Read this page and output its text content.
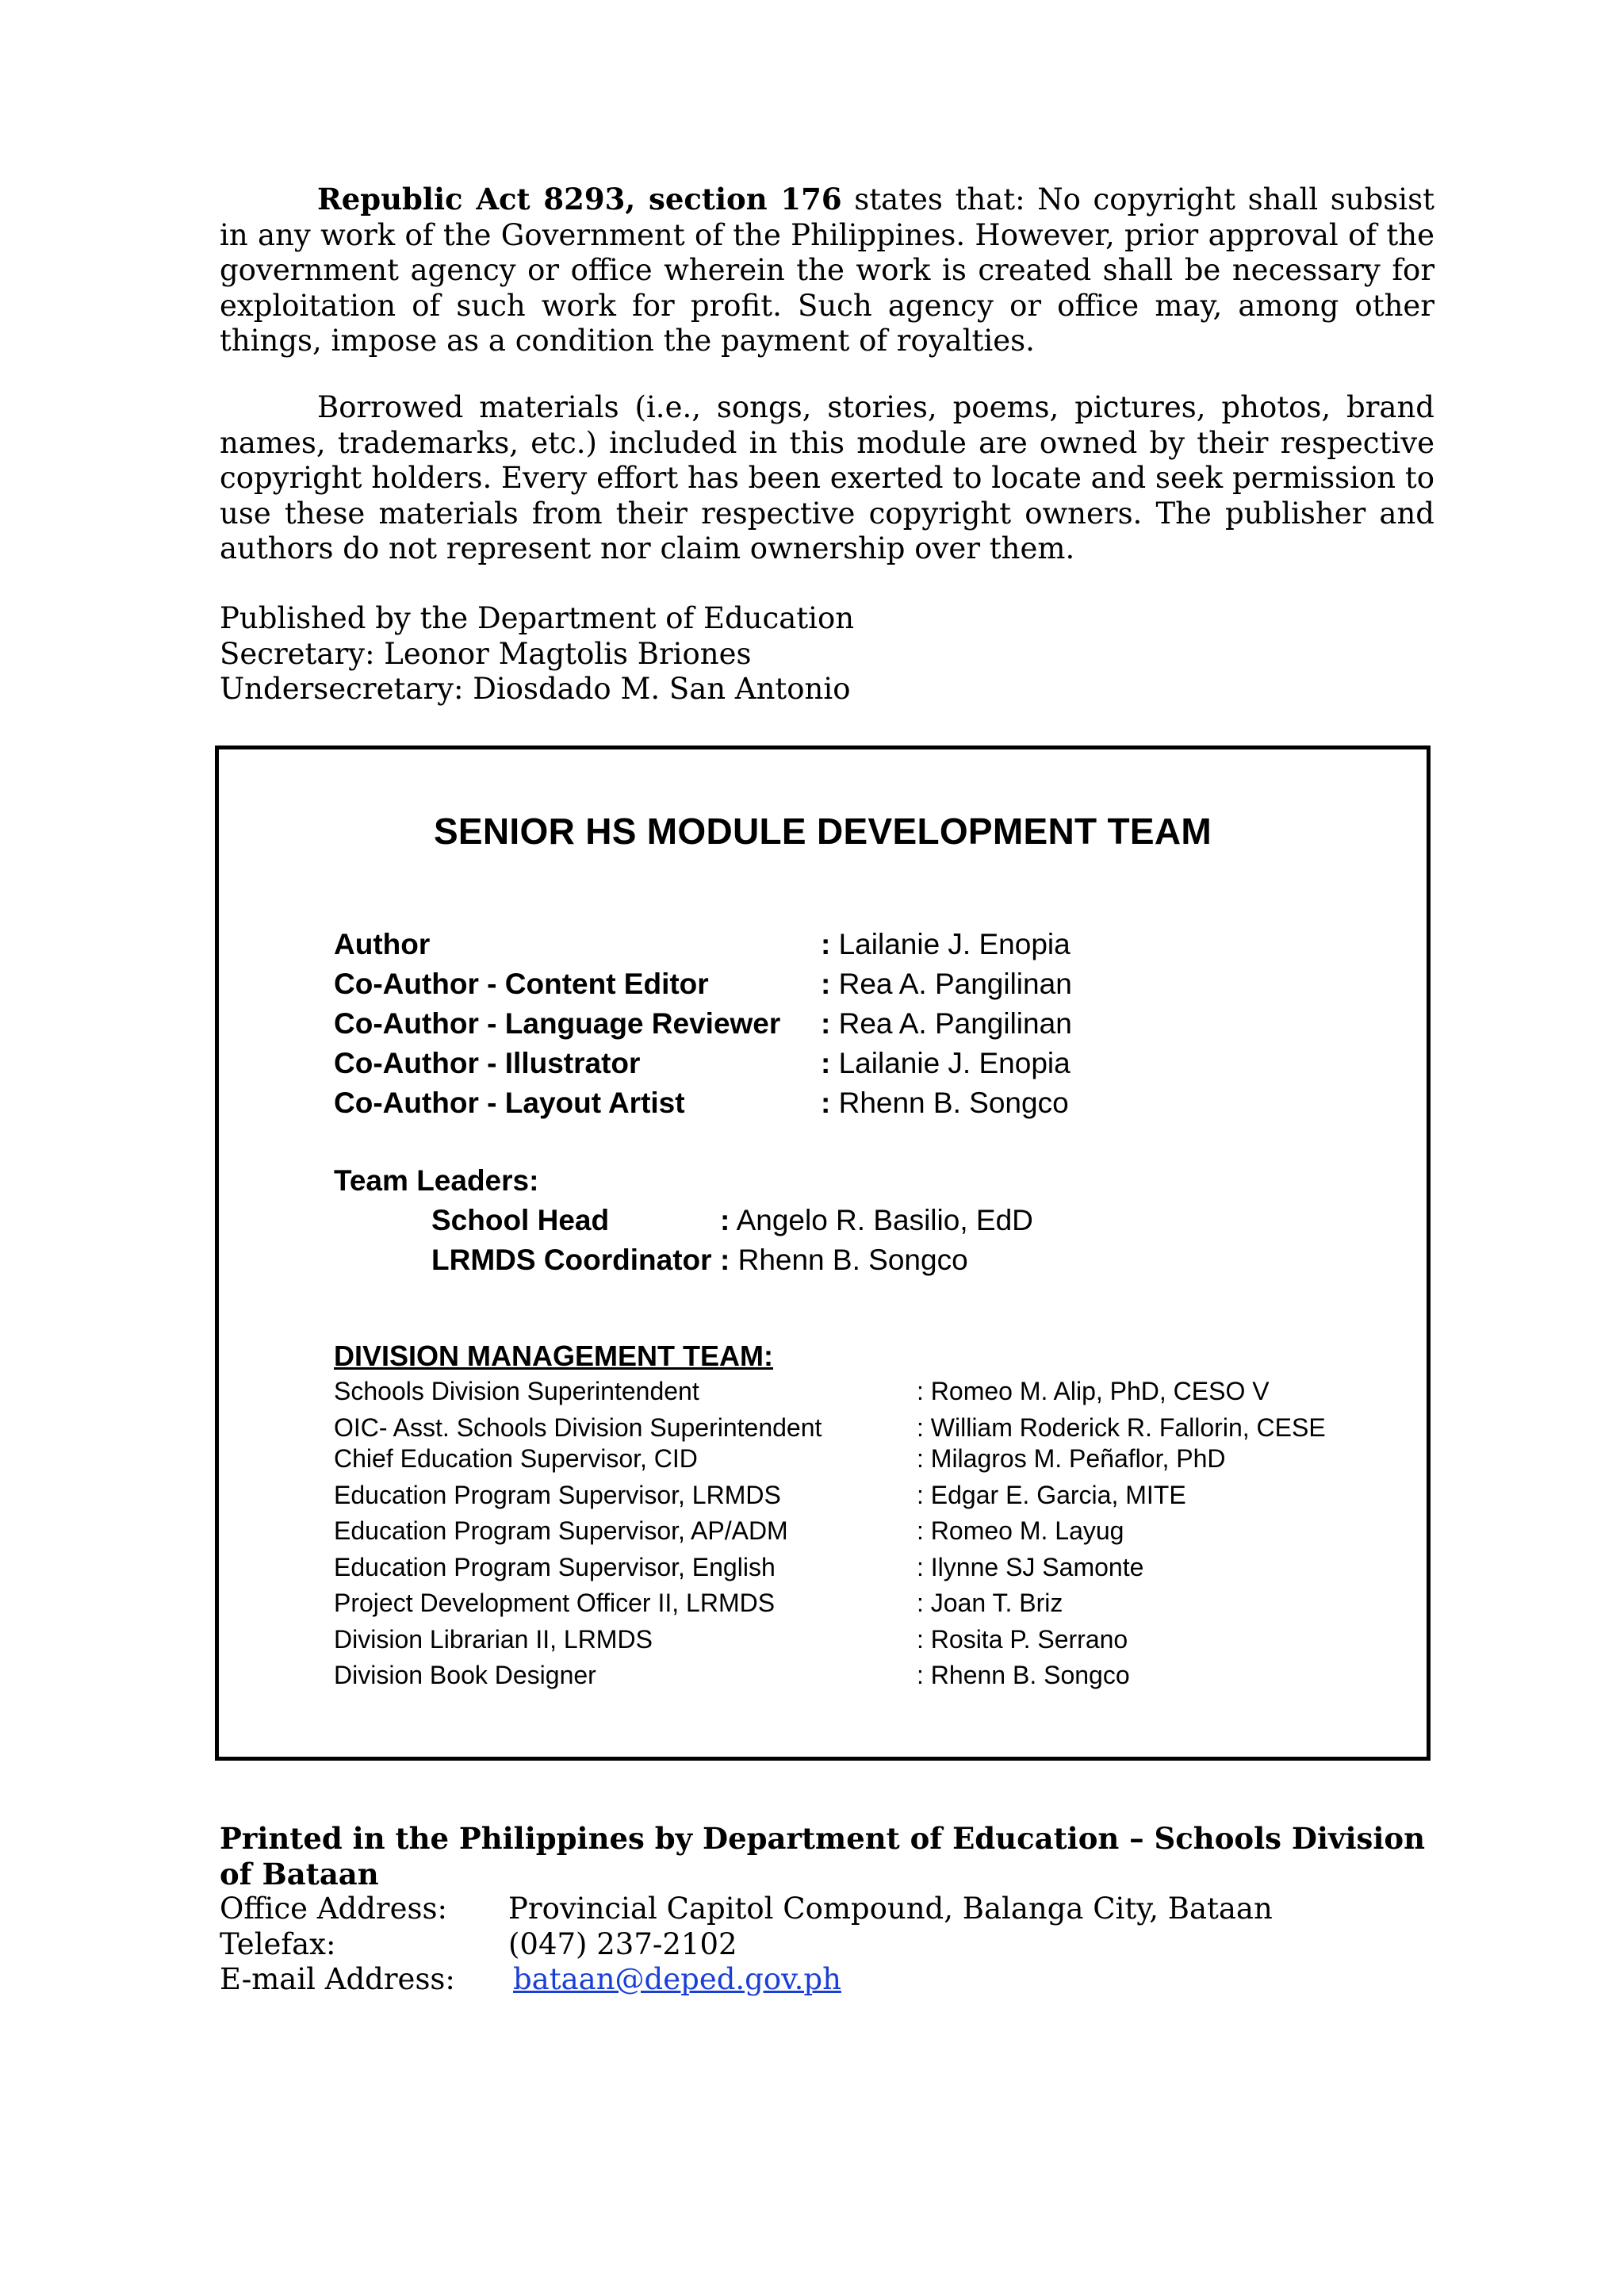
Republic Act 8293, section 176 states that: No copyright shall subsist in any work of the Government of the Philippines. However, prior approval of the government agency or office wherein the work is created shall be necessary for exploitation of such work for profit. Such agency or office may, among other things, impose as a condition the payment of royalties.

Borrowed materials (i.e., songs, stories, poems, pictures, photos, brand names, trademarks, etc.) included in this module are owned by their respective copyright holders. Every effort has been exerted to locate and seek permission to use these materials from their respective copyright owners. The publisher and authors do not represent nor claim ownership over them.

Published by the Department of Education
Secretary: Leonor Magtolis Briones
Undersecretary: Diosdado M. San Antonio
SENIOR HS MODULE DEVELOPMENT TEAM
Author	: Lailanie J. Enopia
Co-Author - Content Editor	: Rea A. Pangilinan
Co-Author - Language Reviewer : Rea A. Pangilinan
Co-Author - Illustrator	: Lailanie J. Enopia
Co-Author - Layout Artist	: Rhenn B. Songco
Team Leaders:
School Head	: Angelo R. Basilio, EdD
LRMDS Coordinator : Rhenn B. Songco
DIVISION MANAGEMENT TEAM:
Schools Division Superintendent	: Romeo M. Alip, PhD, CESO V
OIC- Asst. Schools Division Superintendent	: William Roderick R. Fallorin, CESE
Chief Education Supervisor, CID	: Milagros M. Peñaflor, PhD
Education Program Supervisor, LRMDS	: Edgar E. Garcia, MITE
Education Program Supervisor, AP/ADM	: Romeo M. Layug
Education Program Supervisor, English	: Ilynne SJ Samonte
Project Development Officer II, LRMDS	: Joan T. Briz
Division Librarian II, LRMDS	: Rosita P. Serrano
Division Book Designer	: Rhenn B. Songco
Printed in the Philippines by Department of Education – Schools Division of Bataan
Office Address: Provincial Capitol Compound, Balanga City, Bataan
Telefax:	(047) 237-2102
E-mail Address: bataan@deped.gov.ph
